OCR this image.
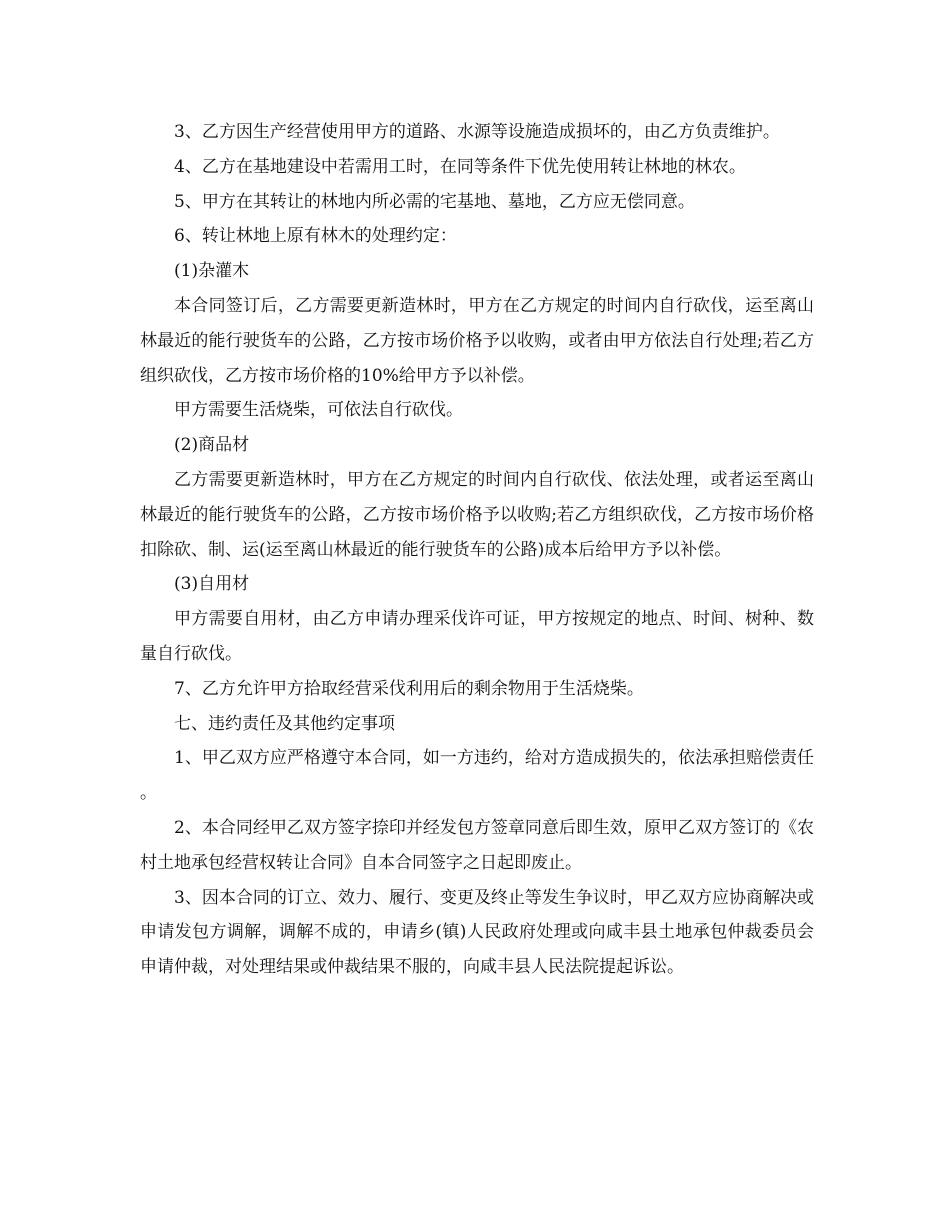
3、乙方因生产经营使用甲方的道路、水源等设施造成损坏的，由乙方负责维护。

4、乙方在基地建设中若需用工时，在同等条件下优先使用转让林地的林农。

5、甲方在其转让的林地内所必需的宅基地、墓地，乙方应无偿同意。

6、转让林地上原有林木的处理约定：

(1)杂灌木

本合同签订后，乙方需要更新造林时，甲方在乙方规定的时间内自行砍伐，运至离山林最近的能行驶货车的公路，乙方按市场价格予以收购，或者由甲方依法自行处理;若乙方组织砍伐，乙方按市场价格的10%给甲方予以补偿。

甲方需要生活烧柴，可依法自行砍伐。

(2)商品材

乙方需要更新造林时，甲方在乙方规定的时间内自行砍伐、依法处理，或者运至离山林最近的能行驶货车的公路，乙方按市场价格予以收购;若乙方组织砍伐，乙方按市场价格扣除砍、制、运(运至离山林最近的能行驶货车的公路)成本后给甲方予以补偿。

(3)自用材

甲方需要自用材，由乙方申请办理采伐许可证，甲方按规定的地点、时间、树种、数量自行砍伐。

7、乙方允许甲方拾取经营采伐利用后的剩余物用于生活烧柴。

七、违约责任及其他约定事项

1、甲乙双方应严格遵守本合同，如一方违约，给对方造成损失的，依法承担赔偿责任。

2、本合同经甲乙双方签字捺印并经发包方签章同意后即生效，原甲乙双方签订的《农村土地承包经营权转让合同》自本合同签字之日起即废止。

3、因本合同的订立、效力、履行、变更及终止等发生争议时，甲乙双方应协商解决或申请发包方调解，调解不成的，申请乡(镇)人民政府处理或向咸丰县土地承包仲裁委员会申请仲裁，对处理结果或仲裁结果不服的，向咸丰县人民法院提起诉讼。
